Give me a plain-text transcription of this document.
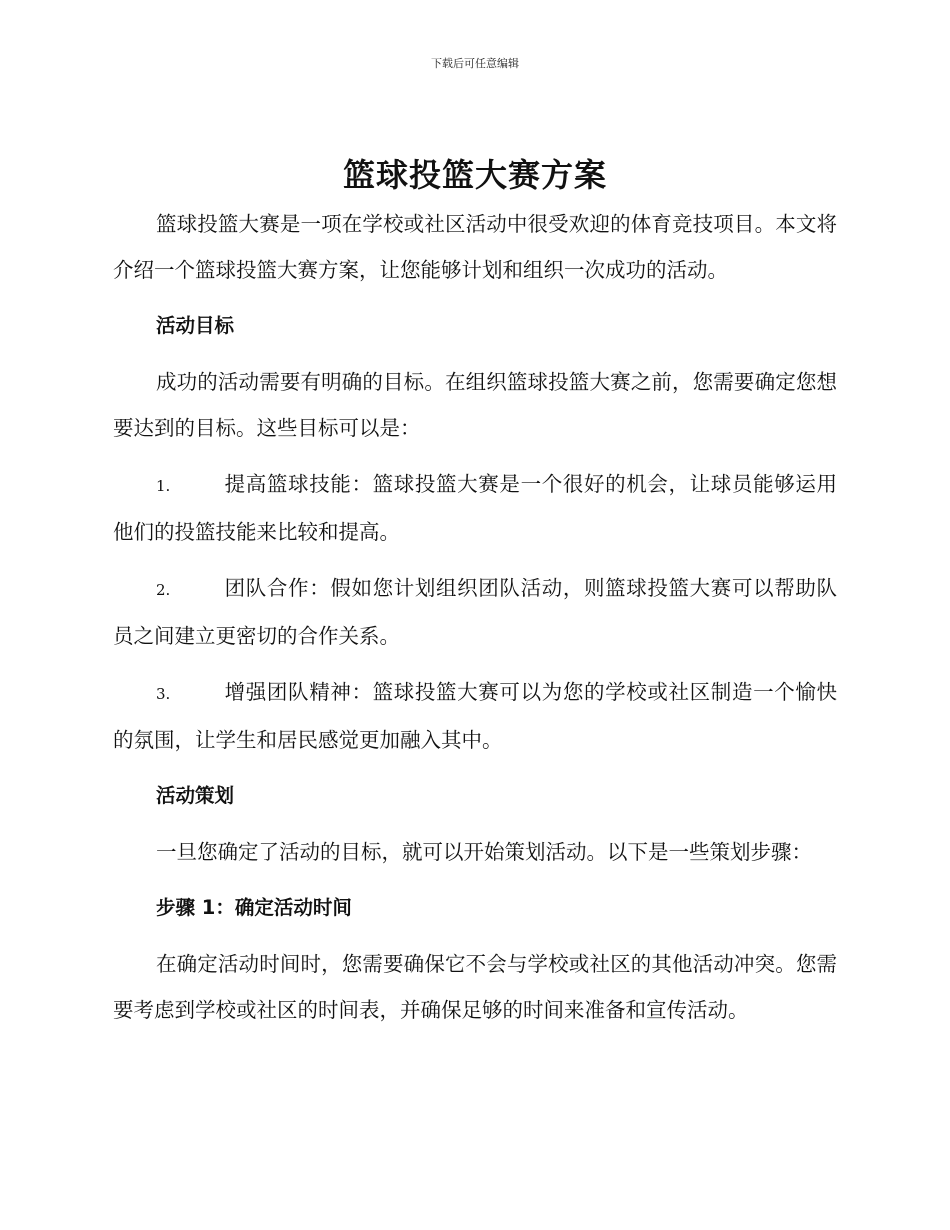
下载后可任意编辑
篮球投篮大赛方案

篮球投篮大赛是一项在学校或社区活动中很受欢迎的体育竞技项目。本文将介绍一个篮球投篮大赛方案，让您能够计划和组织一次成功的活动。

活动目标

成功的活动需要有明确的目标。在组织篮球投篮大赛之前，您需要确定您想要达到的目标。这些目标可以是：

1.	提高篮球技能：篮球投篮大赛是一个很好的机会，让球员能够运用他们的投篮技能来比较和提高。

2.	团队合作：假如您计划组织团队活动，则篮球投篮大赛可以帮助队员之间建立更密切的合作关系。

3.	增强团队精神：篮球投篮大赛可以为您的学校或社区制造一个愉快的氛围，让学生和居民感觉更加融入其中。

活动策划

一旦您确定了活动的目标，就可以开始策划活动。以下是一些策划步骤：

步骤 1：确定活动时间

在确定活动时间时，您需要确保它不会与学校或社区的其他活动冲突。您需要考虑到学校或社区的时间表，并确保足够的时间来准备和宣传活动。
